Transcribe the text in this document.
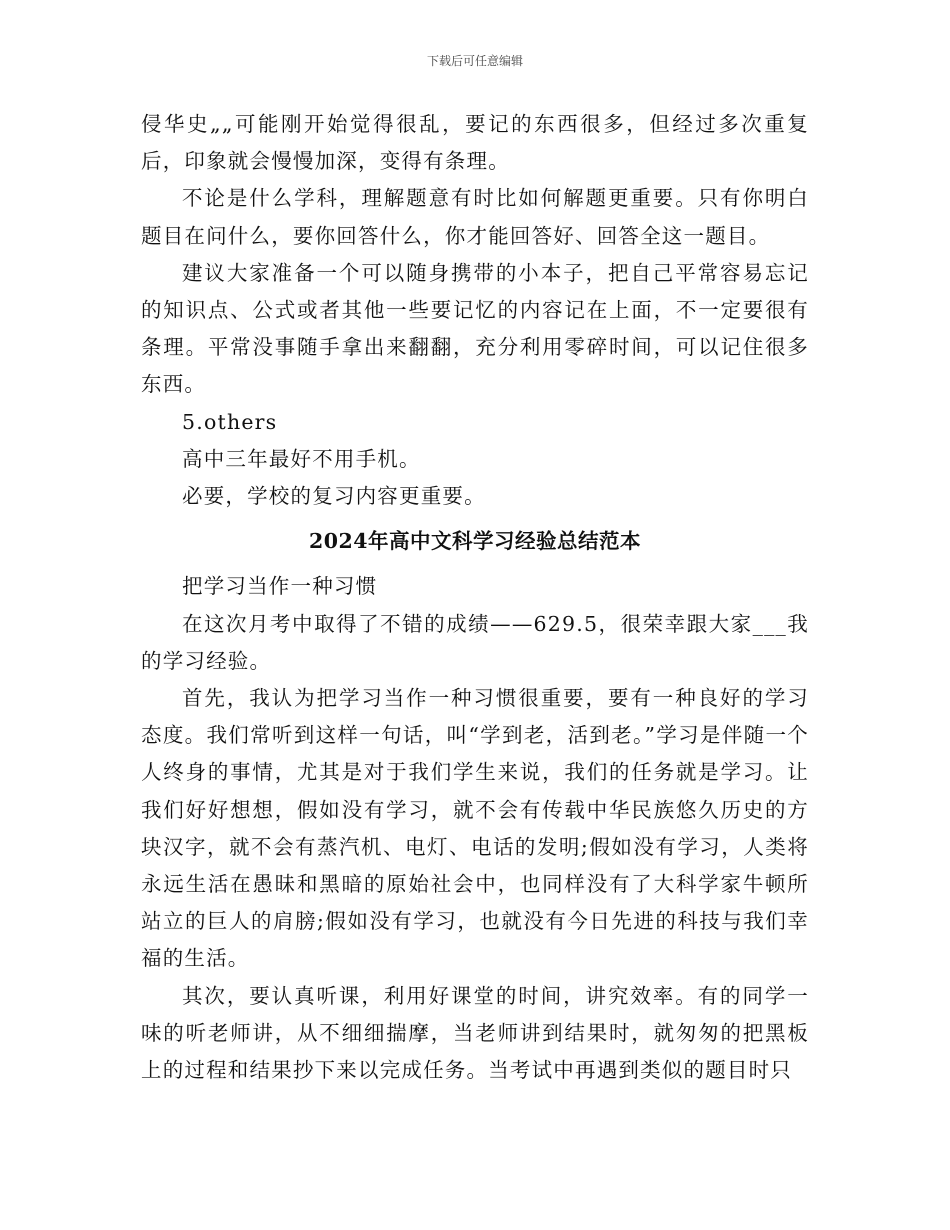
下载后可任意编辑

侵华史„„可能刚开始觉得很乱，要记的东西很多，但经过多次重复后，印象就会慢慢加深，变得有条理。

不论是什么学科，理解题意有时比如何解题更重要。只有你明白题目在问什么，要你回答什么，你才能回答好、回答全这一题目。

建议大家准备一个可以随身携带的小本子，把自己平常容易忘记的知识点、公式或者其他一些要记忆的内容记在上面，不一定要很有条理。平常没事随手拿出来翻翻，充分利用零碎时间，可以记住很多东西。

5.others

高中三年最好不用手机。

必要，学校的复习内容更重要。

2024年高中文科学习经验总结范本

把学习当作一种习惯

在这次月考中取得了不错的成绩——629.5，很荣幸跟大家___我的学习经验。

首先，我认为把学习当作一种习惯很重要，要有一种良好的学习态度。我们常听到这样一句话，叫“学到老，活到老。”学习是伴随一个人终身的事情，尤其是对于我们学生来说，我们的任务就是学习。让我们好好想想，假如没有学习，就不会有传载中华民族悠久历史的方块汉字，就不会有蒸汽机、电灯、电话的发明;假如没有学习，人类将永远生活在愚昧和黑暗的原始社会中，也同样没有了大科学家牛顿所站立的巨人的肩膀;假如没有学习，也就没有今日先进的科技与我们幸福的生活。

其次，要认真听课，利用好课堂的时间，讲究效率。有的同学一味的听老师讲，从不细细揣摩，当老师讲到结果时，就匆匆的把黑板上的过程和结果抄下来以完成任务。当考试中再遇到类似的题目时只
